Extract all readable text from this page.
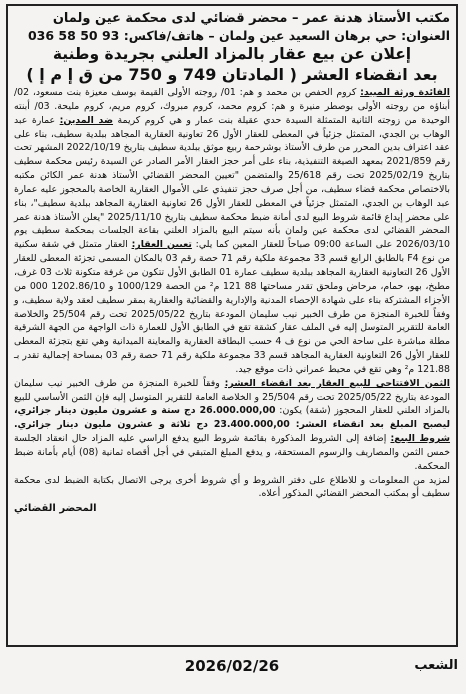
مكتب الأستاذ هدنة عمر – محضر قضائي لدى محكمة عين ولمان
العنوان: حي برهان السعيد عين ولمان – هاتف/فاكس: 93 50 58 036
إعلان عن بيع عقار بالمزاد العلني بجريدة وطنية
بعد انقضاء العشر ( المادتان 749 و 750 من ق إ م إ )

الفائدة ورثة المبيد: كروم الحفص بن محمد و هم: 01/ روجته الأولى القيمة بوسف معيزة بنت مسعود، 02/ أبناؤه من روجته الأولى بوصطر منيرة و هم: كروم محمد، كروم مبروك، كروم مريم، كروم مليحة. 03/ أبنته الوحيدة من زوجته الثانية المتمثلة السيدة حدي عقيلة بنت عمار و هي كروم كريمة ضد المدين: عمارة عبد الوهاب بن الجدي، المتمثل جزئياً في المعطى للعقار الأول 26 تعاونية العقارية المجاهد ببلدية سطيف، بناء على عقد اعتراف بدين المحرر من طرف الأستاذ بوشرحمة ربيع موثق ببلدية سطيف بتاريخ 2022/10/19 المشهر تحت رقم 2021/859 بمعهد الصيغة التنفيذية، بناء على أمر حجز العقار الأمر الصادر عن السيدة رئيس محكمة سطيف بتاريخ 2025/02/19 تحت رقم 25/618 والمتضمن "تعيين المحضر القضائي الأستاذ هدنة عمر الكائن مكتبه بالاختصاص محكمة قضاء سطيف، من أجل صرف حجز تنفيذي على الأموال العقارية الخاصة بالمحجوز عليه عمارة عبد الوهاب بن الجدي، المتمثل جزئياً في المعطى للعقار الأول 26 تعاونية العقارية المجاهد ببلدية سطيف"، بناء على محضر إيداع قائمة شروط البيع لدى أمانة ضبط محكمة سطيف بتاريخ 2025/11/10 "يعلن الأستاذ هدنة عمر المحضر القضائي لدى محكمة عين ولمان بأنه سيتم البيع بالمزاد العلني بقاعة الجلسات بمحكمة سطيف يوم 2026/03/10 على الساعة 09:00 صباحاً للعقار المعين كما يلي: تعيين العقار: العقار متمثل في شقة سكنية من نوع F4 بالطابق الرابع قسم 33 مجموعة ملكية رقم 71 حصة رقم 03 بالمكان المسمى تجزئة المعطى للعقار الأول 26 التعاونية العقارية المجاهد ببلدية سطيف عمارة 01 الطابق الأول تتكون من غرفة متكونة ثلاث 03 غرف، مطبخ، بهو، حمام، مرحاض وملحق تقدر مساحتها 88 121 م² من الحصة 1000/129 و 1202.86/10 000 من الأجزاء المشتركة بناء على شهادة الإحصاء المدنية والإدارية والقضائية والعقارية بمقر سطيف لعقد ولاية سطيف، و وفقاً للخبرة المنجزة من طرف الخبير نيب سليمان المودعة بتاريخ 2025/05/22 تحت رقم 25/504 والخلاصة العامة للتقرير المتوسل إليه في الملف عقار كشقة تقع في الطابق الأول للعمارة ذات الواجهة من الجهة الشرقية مطلة مباشرة على ساحة الحي من نوع ف 4 حسب البطاقة العقارية والمعاينة الميدانية وهي تقع بتجزئة المعطى للعقار الأول 26 التعاونية العقارية المجاهد قسم 33 مجموعة ملكية رقم 71 حصة رقم 03 بمساحة إجمالية تقدر بـ 121.88 م² وهي تقع في محيط عمراني ذات موقع جيد.

الثمن الافتتاحي للبيع العقار بعد انقضاء العشر: وفقاً للخبرة المنجزة من طرف الخبير نيب سليمان المودعة بتاريخ 2025/05/22 تحت رقم 25/504 و الخلاصة العامة للتقرير المتوسل إليه فإن الثمن الأساسي للبيع بالمزاد العلني للعقار المحجوز (شقة) يكون: 26.000.000,00 دج ستة و عشرون مليون دينار جزائري، ليصبح المبلغ بعد انقضاء العشر: 23.400.000,00 دج ثلاثة و عشرون مليون دينار جزائري. شروط البيع: إضافة إلى الشروط المذكورة بقائمة شروط البيع يدفع الراسي عليه المزاد حال انعقاد الجلسة خمس الثمن والمصاريف والرسوم المستحقة، و يدفع المبلغ المتبقي في أجل أقصاه ثمانية (08) أيام بأمانة ضبط المحكمة.

لمزيد من المعلومات و للاطلاع على دفتر الشروط و أي شروط أخرى يرجى الاتصال بكتابة الضبط لدى محكمة سطيف أو بمكتب المحضر القضائي المذكور أعلاه.

المحضر القضائي
الشعب
2026/02/26
